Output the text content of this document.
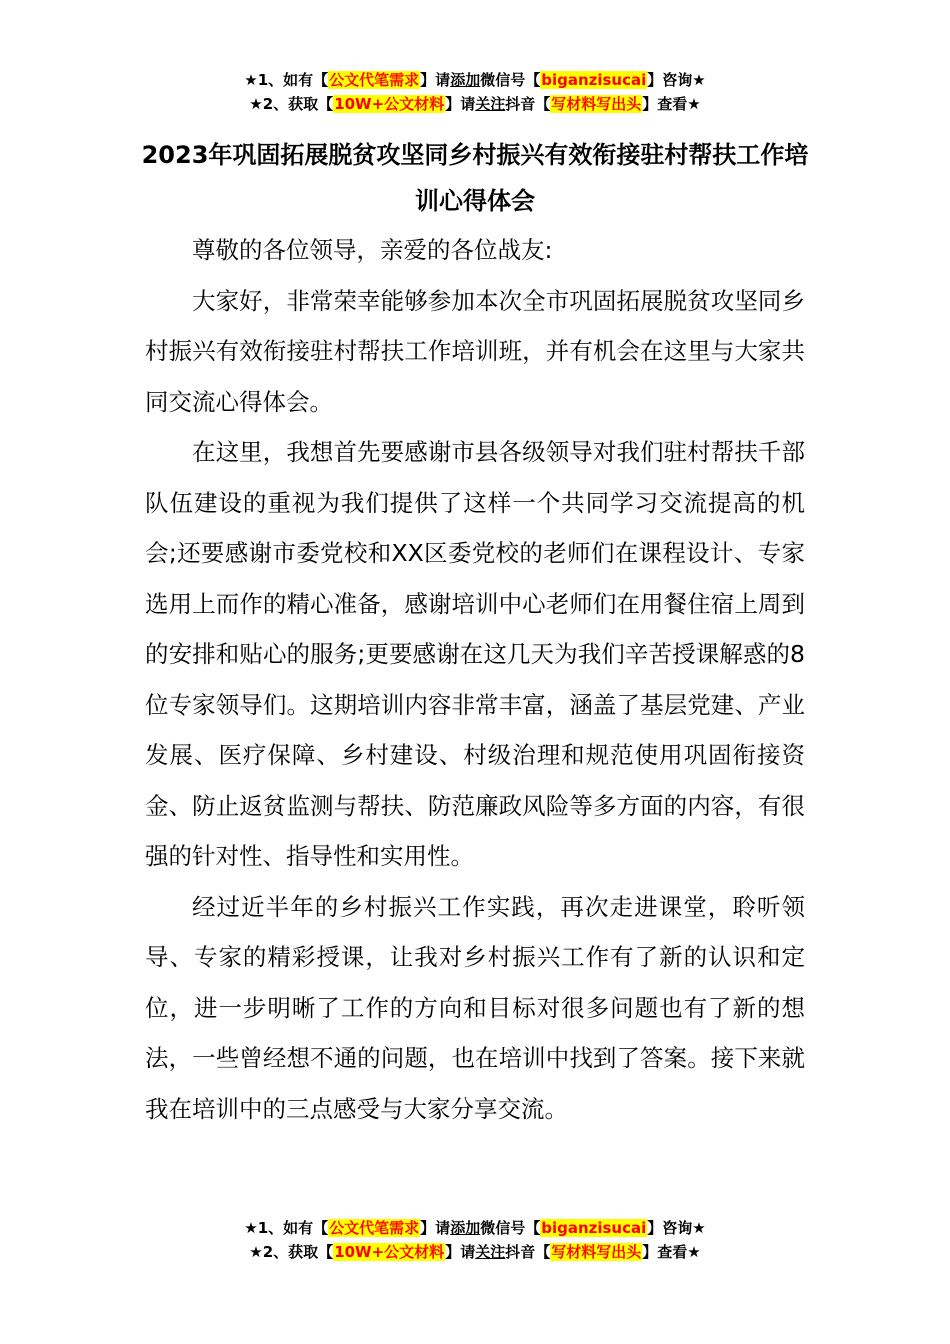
★1、如有【公文代笔需求】请添加微信号【biganzisucai】咨询★
★2、获取【10W+公文材料】请关注抖音【写材料写出头】查看★
2023年巩固拓展脱贫攻坚同乡村振兴有效衔接驻村帮扶工作培训心得体会

尊敬的各位领导，亲爱的各位战友:

大家好，非常荣幸能够参加本次全市巩固拓展脱贫攻坚同乡村振兴有效衔接驻村帮扶工作培训班，并有机会在这里与大家共同交流心得体会。

在这里，我想首先要感谢市县各级领导对我们驻村帮扶千部队伍建设的重视为我们提供了这样一个共同学习交流提高的机会;还要感谢市委党校和XX区委党校的老师们在课程设计、专家选用上而作的精心准备，感谢培训中心老师们在用餐住宿上周到的安排和贴心的服务;更要感谢在这几天为我们辛苦授课解惑的8位专家领导们。这期培训内容非常丰富，涵盖了基层党建、产业发展、医疗保障、乡村建设、村级治理和规范使用巩固衔接资金、防止返贫监测与帮扶、防范廉政风险等多方面的内容，有很强的针对性、指导性和实用性。

经过近半年的乡村振兴工作实践，再次走进课堂，聆听领导、专家的精彩授课，让我对乡村振兴工作有了新的认识和定位，进一步明晰了工作的方向和目标对很多问题也有了新的想法，一些曾经想不通的问题，也在培训中找到了答案。接下来就我在培训中的三点感受与大家分享交流。

★1、如有【公文代笔需求】请添加微信号【biganzisucai】咨询★
★2、获取【10W+公文材料】请关注抖音【写材料写出头】查看★
